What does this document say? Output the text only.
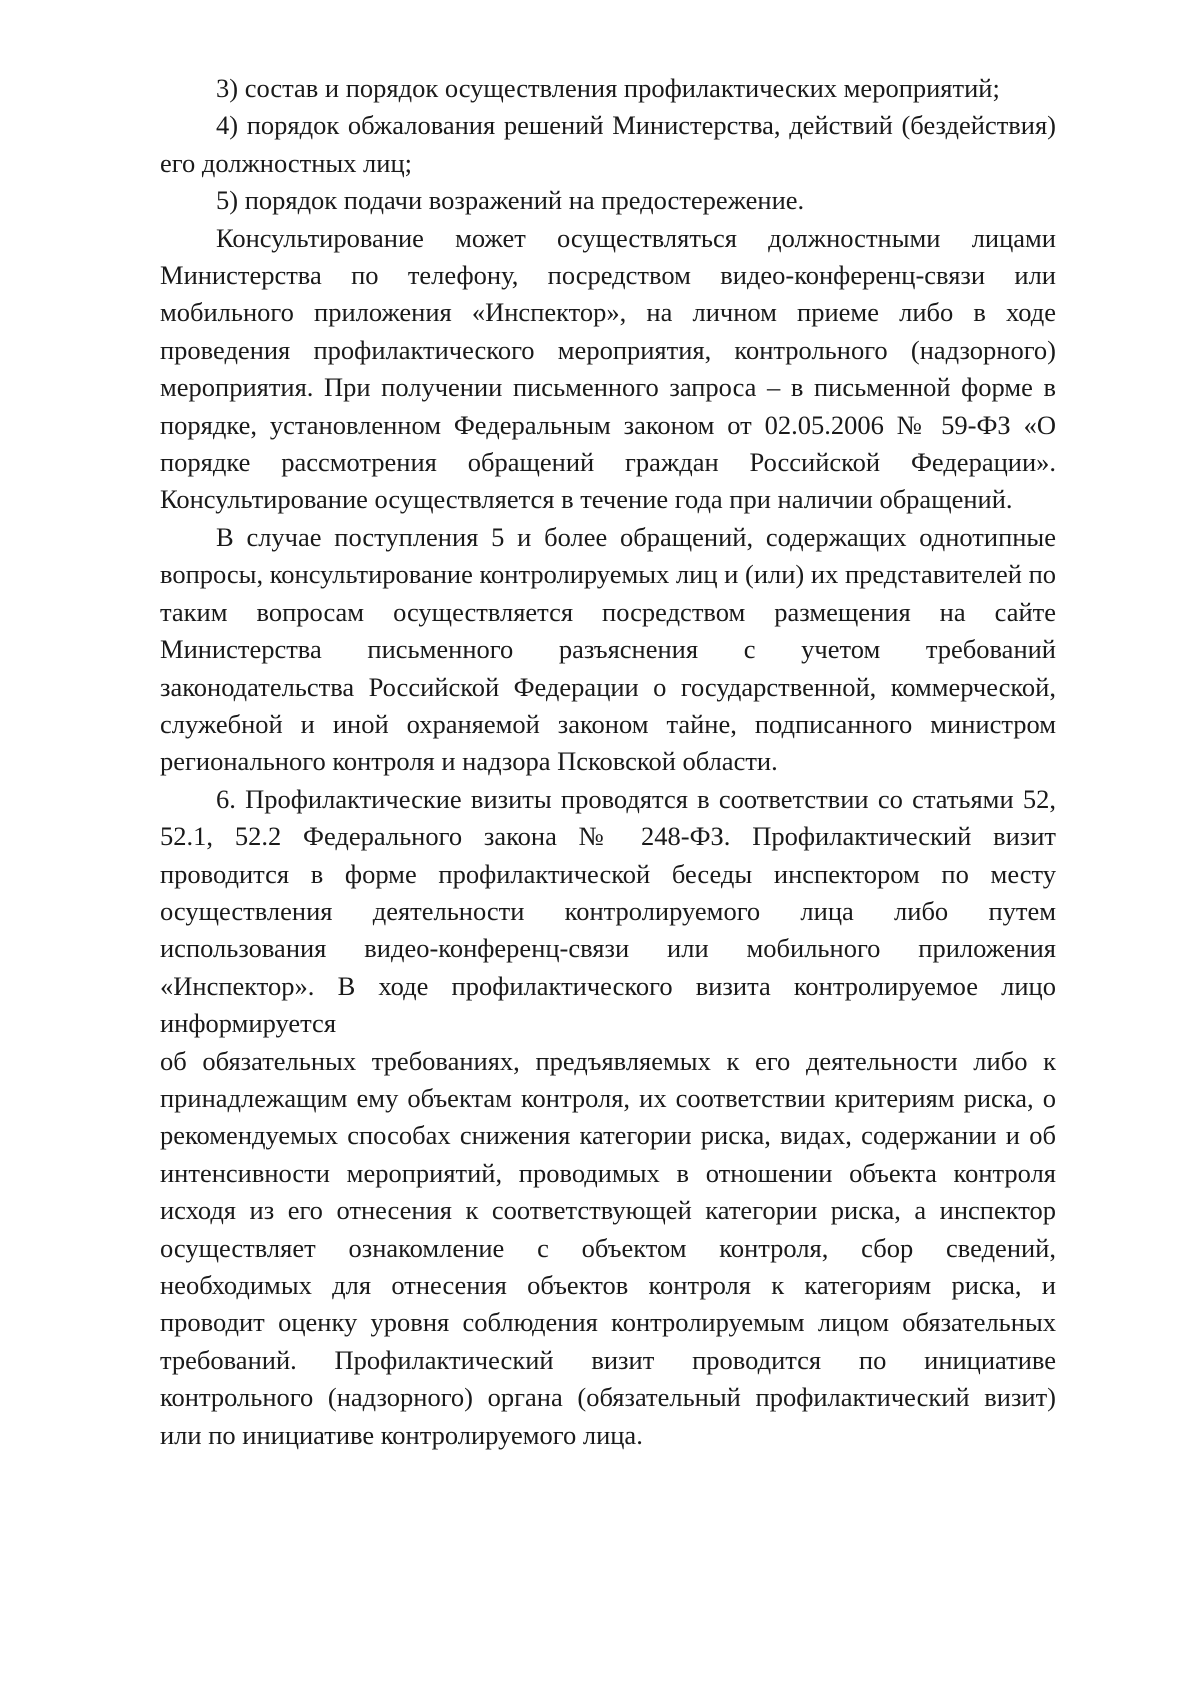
3) состав и порядок осуществления профилактических мероприятий;

4) порядок обжалования решений Министерства, действий (бездействия) его должностных лиц;

5) порядок подачи возражений на предостережение.

Консультирование может осуществляться должностными лицами Министерства по телефону, посредством видео-конференц-связи или мобильного приложения «Инспектор», на личном приеме либо в ходе проведения профилактического мероприятия, контрольного (надзорного) мероприятия. При получении письменного запроса – в письменной форме в порядке, установленном Федеральным законом от 02.05.2006 № 59-ФЗ «О порядке рассмотрения обращений граждан Российской Федерации». Консультирование осуществляется в течение года при наличии обращений.

В случае поступления 5 и более обращений, содержащих однотипные вопросы, консультирование контролируемых лиц и (или) их представителей по таким вопросам осуществляется посредством размещения на сайте Министерства письменного разъяснения с учетом требований законодательства Российской Федерации о государственной, коммерческой, служебной и иной охраняемой законом тайне, подписанного министром регионального контроля и надзора Псковской области.

6. Профилактические визиты проводятся в соответствии со статьями 52, 52.1, 52.2 Федерального закона № 248-ФЗ. Профилактический визит проводится в форме профилактической беседы инспектором по месту осуществления деятельности контролируемого лица либо путем использования видео-конференц-связи или мобильного приложения «Инспектор». В ходе профилактического визита контролируемое лицо информируется

об обязательных требованиях, предъявляемых к его деятельности либо к принадлежащим ему объектам контроля, их соответствии критериям риска, о рекомендуемых способах снижения категории риска, видах, содержании и об интенсивности мероприятий, проводимых в отношении объекта контроля исходя из его отнесения к соответствующей категории риска, а инспектор осуществляет ознакомление с объектом контроля, сбор сведений, необходимых для отнесения объектов контроля к категориям риска, и проводит оценку уровня соблюдения контролируемым лицом обязательных требований. Профилактический визит проводится по инициативе контрольного (надзорного) органа (обязательный профилактический визит) или по инициативе контролируемого лица.
